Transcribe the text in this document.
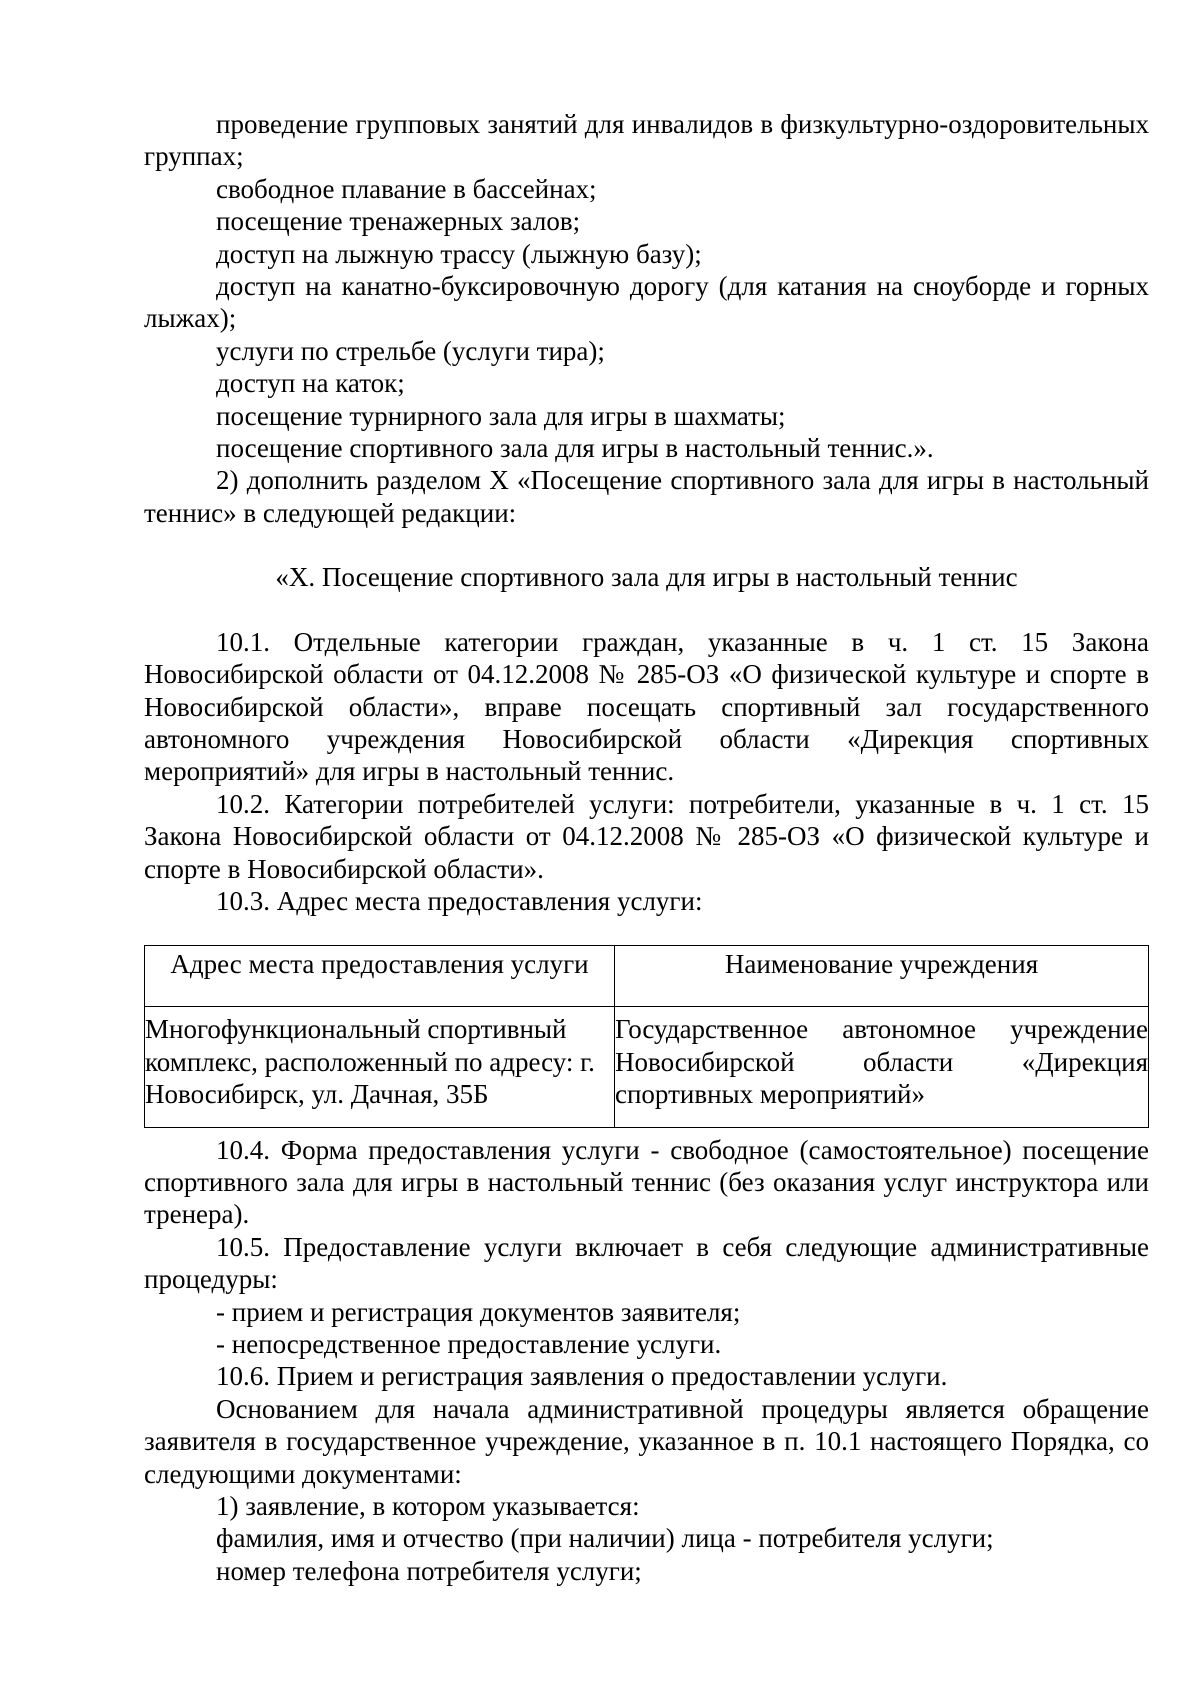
проведение групповых занятий для инвалидов в физкультурно-оздоровительных группах;

свободное плавание в бассейнах;

посещение тренажерных залов;

доступ на лыжную трассу (лыжную базу);

доступ на канатно-буксировочную дорогу (для катания на сноуборде и горных лыжах);

услуги по стрельбе (услуги тира);

доступ на каток;

посещение турнирного зала для игры в шахматы;

посещение спортивного зала для игры в настольный теннис.».

2) дополнить разделом X «Посещение спортивного зала для игры в настольный теннис» в следующей редакции:

«X. Посещение спортивного зала для игры в настольный теннис

10.1. Отдельные категории граждан, указанные в ч. 1 ст. 15 Закона Новосибирской области от 04.12.2008 № 285-ОЗ «О физической культуре и спорте в Новосибирской области», вправе посещать спортивный зал государственного автономного учреждения Новосибирской области «Дирекция спортивных мероприятий» для игры в настольный теннис.

10.2. Категории потребителей услуги: потребители, указанные в ч. 1 ст. 15 Закона Новосибирской области от 04.12.2008 № 285-ОЗ «О физической культуре и спорте в Новосибирской области».

10.3. Адрес места предоставления услуги:

Адрес места предоставления услуги	Наименование учреждения
Многофункциональный спортивный комплекс, расположенный по адресу: г. Новосибирск, ул. Дачная, 35Б	Государственное автономное учреждение Новосибирской области «Дирекция спортивных мероприятий»

10.4. Форма предоставления услуги - свободное (самостоятельное) посещение спортивного зала для игры в настольный теннис (без оказания услуг инструктора или тренера).

10.5. Предоставление услуги включает в себя следующие административные процедуры:

- прием и регистрация документов заявителя;

- непосредственное предоставление услуги.

10.6. Прием и регистрация заявления о предоставлении услуги.

Основанием для начала административной процедуры является обращение заявителя в государственное учреждение, указанное в п. 10.1 настоящего Порядка, со следующими документами:

1) заявление, в котором указывается:

фамилия, имя и отчество (при наличии) лица - потребителя услуги;

номер телефона потребителя услуги;
